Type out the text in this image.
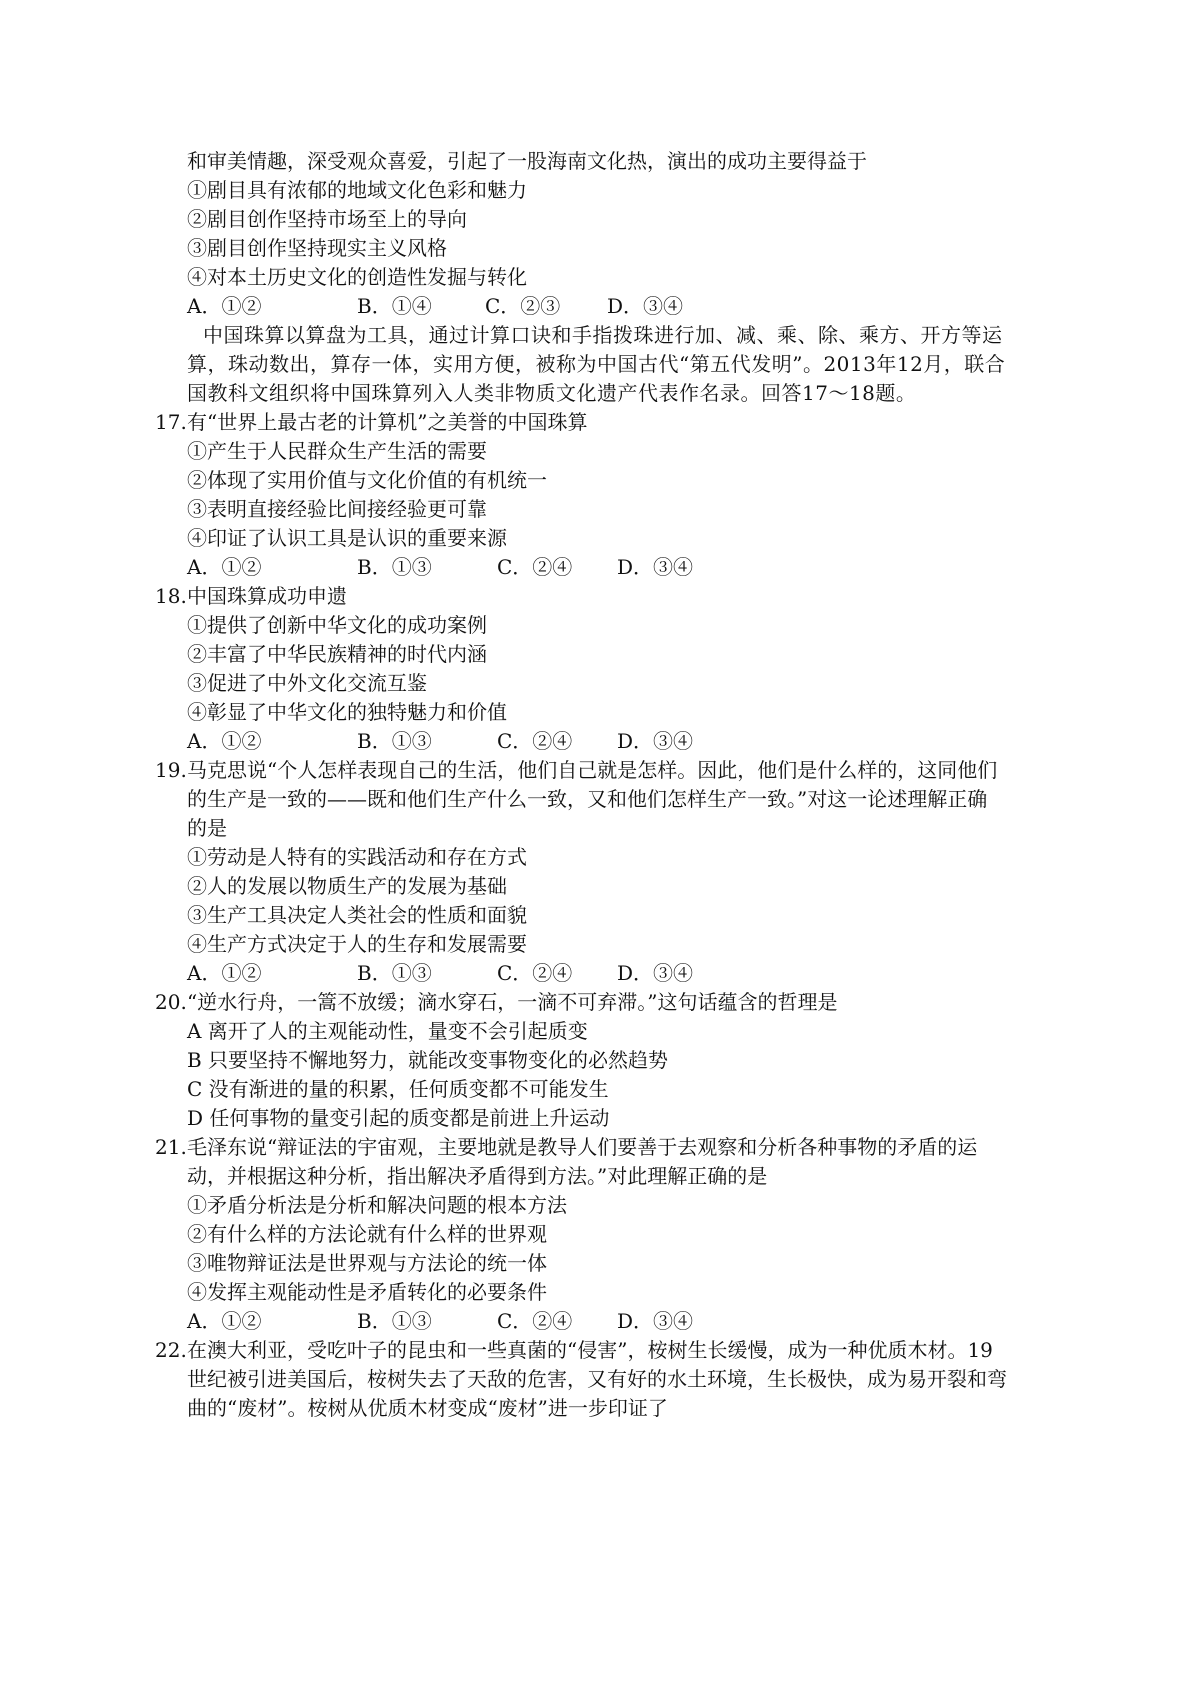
和审美情趣，深受观众喜爱，引起了一股海南文化热，演出的成功主要得益于
①剧目具有浓郁的地域文化色彩和魅力
②剧目创作坚持市场至上的导向
③剧目创作坚持现实主义风格
④对本土历史文化的创造性发掘与转化
A．①②	B．①④	C．②③ D．③④
中国珠算以算盘为工具，通过计算口诀和手指拨珠进行加、减、乘、除、乘方、开方等运
算，珠动数出，算存一体，实用方便，被称为中国古代“第五代发明”。2013年12月，联合
国教科文组织将中国珠算列入人类非物质文化遗产代表作名录。回答17～18题。
17.有“世界上最古老的计算机”之美誉的中国珠算
①产生于人民群众生产生活的需要
②体现了实用价值与文化价值的有机统一
③表明直接经验比间接经验更可靠
④印证了认识工具是认识的重要来源
A．①②	B．①③	C．②④ D．③④
18.中国珠算成功申遗
①提供了创新中华文化的成功案例
②丰富了中华民族精神的时代内涵
③促进了中外文化交流互鉴
④彰显了中华文化的独特魅力和价值
A．①②	B．①③	C．②④ D．③④
19.马克思说“个人怎样表现自己的生活，他们自己就是怎样。因此，他们是什么样的，这同他们
的生产是一致的——既和他们生产什么一致，又和他们怎样生产一致。”对这一论述理解正确
的是
①劳动是人特有的实践活动和存在方式
②人的发展以物质生产的发展为基础
③生产工具决定人类社会的性质和面貌
④生产方式决定于人的生存和发展需要
A．①②	B．①③	C．②④ D．③④
20.“逆水行舟，一篙不放缓；滴水穿石，一滴不可弃滞。”这句话蕴含的哲理是
A 离开了人的主观能动性，量变不会引起质变
B 只要坚持不懈地努力，就能改变事物变化的必然趋势
C 没有渐进的量的积累，任何质变都不可能发生
D 任何事物的量变引起的质变都是前进上升运动
21.毛泽东说“辩证法的宇宙观，主要地就是教导人们要善于去观察和分析各种事物的矛盾的运
动，并根据这种分析，指出解决矛盾得到方法。”对此理解正确的是
①矛盾分析法是分析和解决问题的根本方法
②有什么样的方法论就有什么样的世界观
③唯物辩证法是世界观与方法论的统一体
④发挥主观能动性是矛盾转化的必要条件
A．①②	B．①③	C．②④ D．③④
22.在澳大利亚，受吃叶子的昆虫和一些真菌的“侵害”，桉树生长缓慢，成为一种优质木材。19
世纪被引进美国后，桉树失去了天敌的危害，又有好的水土环境，生长极快，成为易开裂和弯
曲的“废材”。桉树从优质木材变成“废材”进一步印证了
